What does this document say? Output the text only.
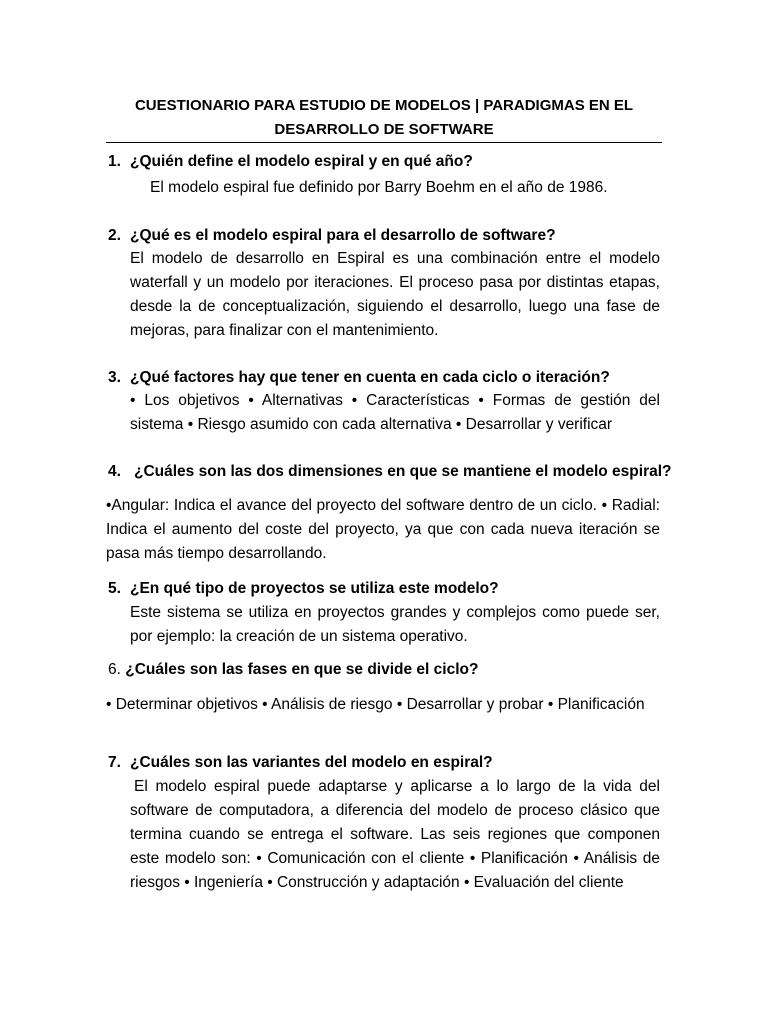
CUESTIONARIO PARA ESTUDIO DE MODELOS | PARADIGMAS EN EL
DESARROLLO DE SOFTWARE
1. ¿Quién define el modelo espiral y en qué año?
El modelo espiral fue definido por Barry Boehm en el año de 1986.
2. ¿Qué es el modelo espiral para el desarrollo de software?
El modelo de desarrollo en Espiral es una combinación entre el modelo waterfall y un modelo por iteraciones. El proceso pasa por distintas etapas, desde la de conceptualización, siguiendo el desarrollo, luego una fase de mejoras, para finalizar con el mantenimiento.
3. ¿Qué factores hay que tener en cuenta en cada ciclo o iteración?
• Los objetivos • Alternativas • Características • Formas de gestión del sistema • Riesgo asumido con cada alternativa • Desarrollar y verificar
4. ¿Cuáles son las dos dimensiones en que se mantiene el modelo espiral?
•Angular: Indica el avance del proyecto del software dentro de un ciclo. • Radial: Indica el aumento del coste del proyecto, ya que con cada nueva iteración se pasa más tiempo desarrollando.
5. ¿En qué tipo de proyectos se utiliza este modelo?
Este sistema se utiliza en proyectos grandes y complejos como puede ser, por ejemplo: la creación de un sistema operativo.
6. ¿Cuáles son las fases en que se divide el ciclo?
• Determinar objetivos • Análisis de riesgo • Desarrollar y probar • Planificación
7. ¿Cuáles son las variantes del modelo en espiral?
El modelo espiral puede adaptarse y aplicarse a lo largo de la vida del software de computadora, a diferencia del modelo de proceso clásico que termina cuando se entrega el software. Las seis regiones que componen este modelo son: • Comunicación con el cliente • Planificación • Análisis de riesgos • Ingeniería • Construcción y adaptación • Evaluación del cliente
